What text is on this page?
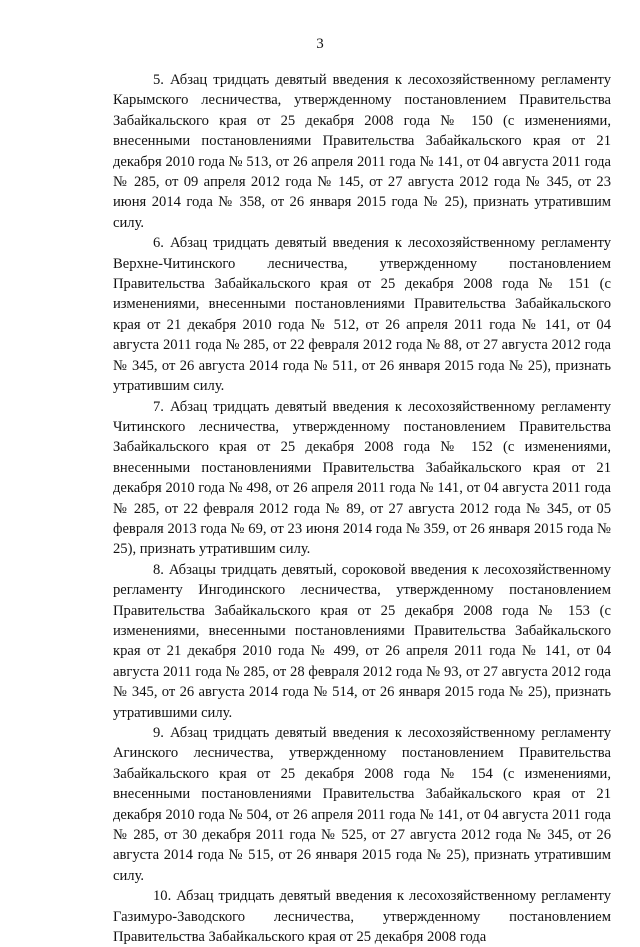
3

5. Абзац тридцать девятый введения к лесохозяйственному регламенту Карымского лесничества, утвержденному постановлением Правительства Забайкальского края от 25 декабря 2008 года № 150 (с изменениями, внесенными постановлениями Правительства Забайкальского края от 21 декабря 2010 года № 513, от 26 апреля 2011 года № 141, от 04 августа 2011 года № 285, от 09 апреля 2012 года № 145, от 27 августа 2012 года № 345, от 23 июня 2014 года № 358, от 26 января 2015 года № 25), признать утратившим силу.

6. Абзац тридцать девятый введения к лесохозяйственному регламенту Верхне-Читинского лесничества, утвержденному постановлением Правительства Забайкальского края от 25 декабря 2008 года № 151 (с изменениями, внесенными постановлениями Правительства Забайкальского края от 21 декабря 2010 года № 512, от 26 апреля 2011 года № 141, от 04 августа 2011 года № 285, от 22 февраля 2012 года № 88, от 27 августа 2012 года № 345, от 26 августа 2014 года № 511, от 26 января 2015 года № 25), признать утратившим силу.

7. Абзац тридцать девятый введения к лесохозяйственному регламенту Читинского лесничества, утвержденному постановлением Правительства Забайкальского края от 25 декабря 2008 года № 152 (с изменениями, внесенными постановлениями Правительства Забайкальского края от 21 декабря 2010 года № 498, от 26 апреля 2011 года № 141, от 04 августа 2011 года № 285, от 22 февраля 2012 года № 89, от 27 августа 2012 года № 345, от 05 февраля 2013 года № 69, от 23 июня 2014 года № 359, от 26 января 2015 года № 25), признать утратившим силу.

8. Абзацы тридцать девятый, сороковой введения к лесохозяйственному регламенту Ингодинского лесничества, утвержденному постановлением Правительства Забайкальского края от 25 декабря 2008 года № 153 (с изменениями, внесенными постановлениями Правительства Забайкальского края от 21 декабря 2010 года № 499, от 26 апреля 2011 года № 141, от 04 августа 2011 года № 285, от 28 февраля 2012 года № 93, от 27 августа 2012 года № 345, от 26 августа 2014 года № 514, от 26 января 2015 года № 25), признать утратившими силу.

9. Абзац тридцать девятый введения к лесохозяйственному регламенту Агинского лесничества, утвержденному постановлением Правительства Забайкальского края от 25 декабря 2008 года № 154 (с изменениями, внесенными постановлениями Правительства Забайкальского края от 21 декабря 2010 года № 504, от 26 апреля 2011 года № 141, от 04 августа 2011 года № 285, от 30 декабря 2011 года № 525, от 27 августа 2012 года № 345, от 26 августа 2014 года № 515, от 26 января 2015 года № 25), признать утратившим силу.

10. Абзац тридцать девятый введения к лесохозяйственному регламенту Газимуро-Заводского лесничества, утвержденному постановлением Правительства Забайкальского края от 25 декабря 2008 года
